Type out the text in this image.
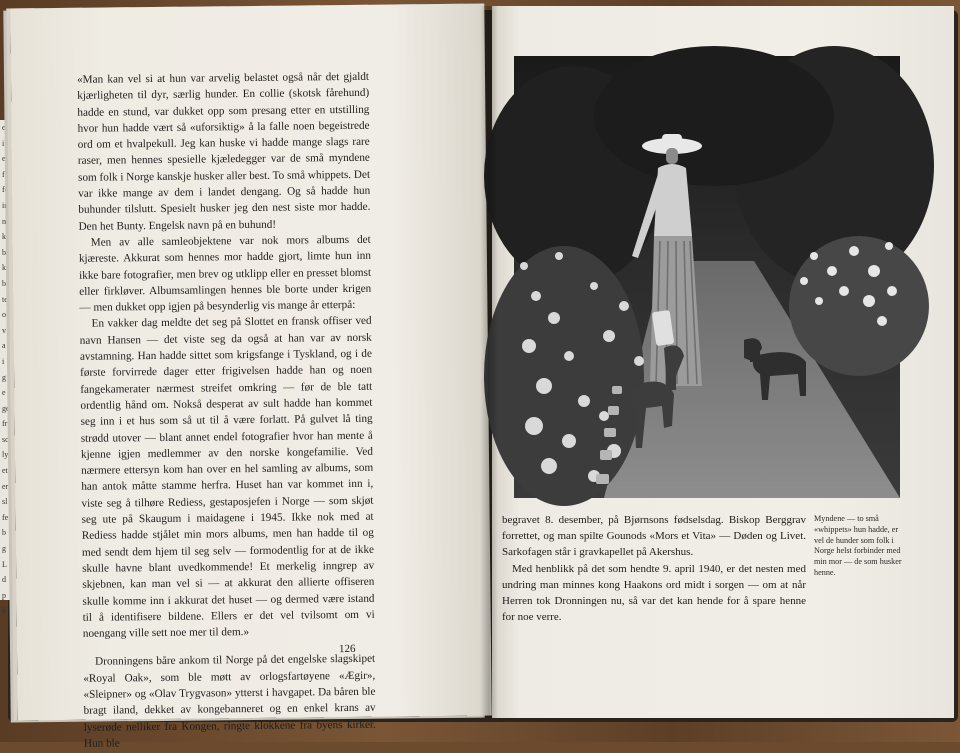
e
i
et
f
fc
ir
n
k
b
k
b
te
ol
v
a
i
g
e
ge
fr
sc
ly
et
er
sl
fe
b
g
L
d
p
k

«Man kan vel si at hun var arvelig belastet også når det gjaldt kjærligheten til dyr, særlig hunder. En collie (skotsk fårehund) hadde en stund, var dukket opp som presang etter en utstilling hvor hun hadde vært så «uforsiktig» å la falle noen begeistrede ord om et hvalpekull. Jeg kan huske vi hadde mange slags rare raser, men hennes spesielle kjæledegger var de små myndene som folk i Norge kanskje husker aller best. To små whippets. Det var ikke mange av dem i landet dengang. Og så hadde hun buhunder tilslutt. Spesielt husker jeg den nest siste mor hadde. Den het Bunty. Engelsk navn på en buhund!

Men av alle samleobjektene var nok mors albums det kjæreste. Akkurat som hennes mor hadde gjort, limte hun inn ikke bare fotografier, men brev og utklipp eller en presset blomst eller firkløver. Albumsamlingen hennes ble borte under krigen — men dukket opp igjen på besynderlig vis mange år etterpå:

En vakker dag meldte det seg på Slottet en fransk offiser ved navn Hansen — det viste seg da også at han var av norsk avstamning. Han hadde sittet som krigsfange i Tyskland, og i de første forvirrede dager etter frigivelsen hadde han og noen fangekamerater nærmest streifet omkring — før de ble tatt ordentlig hånd om. Nokså desperat av sult hadde han kommet seg inn i et hus som så ut til å være forlatt. På gulvet lå ting strødd utover — blant annet endel fotografier hvor han mente å kjenne igjen medlemmer av den norske kongefamilie. Ved nærmere ettersyn kom han over en hel samling av albums, som han antok måtte stamme herfra. Huset han var kommet inn i, viste seg å tilhøre Rediess, gestaposjefen i Norge — som skjøt seg ute på Skaugum i maidagene i 1945. Ikke nok med at Rediess hadde stjålet min mors albums, men han hadde til og med sendt dem hjem til seg selv — formodentlig for at de ikke skulle havne blant uvedkommende! Et merkelig inngrep av skjebnen, kan man vel si — at akkurat den allierte offiseren skulle komme inn i akkurat det huset — og dermed være istand til å identifisere bildene. Ellers er det vel tvilsomt om vi noengang ville sett noe mer til dem.»

Dronningens båre ankom til Norge på det engelske slagskipet «Royal Oak», som ble møtt av orlogsfartøyene «Ægir», «Sleipner» og «Olav Trygvason» ytterst i havgapet. Da båren ble bragt iland, dekket av kongebanneret og en enkel krans av lyserøde nelliker fra Kongen, ringte klokkene fra byens kirker. Hun ble

126

begravet 8. desember, på Bjørnsons fødselsdag. Biskop Berggrav forrettet, og man spilte Gounods «Mors et Vita» — Døden og Livet. Sarkofagen står i gravkapellet på Akershus.

Med henblikk på det som hendte 9. april 1940, er det nesten med undring man minnes kong Haakons ord midt i sorgen — om at når Herren tok Dronningen nu, så var det kan hende for å spare henne for noe verre.

Myndene — to små «whippets» hun hadde, er vel de hunder som folk i Norge helst forbinder med min mor — de som husker henne.
